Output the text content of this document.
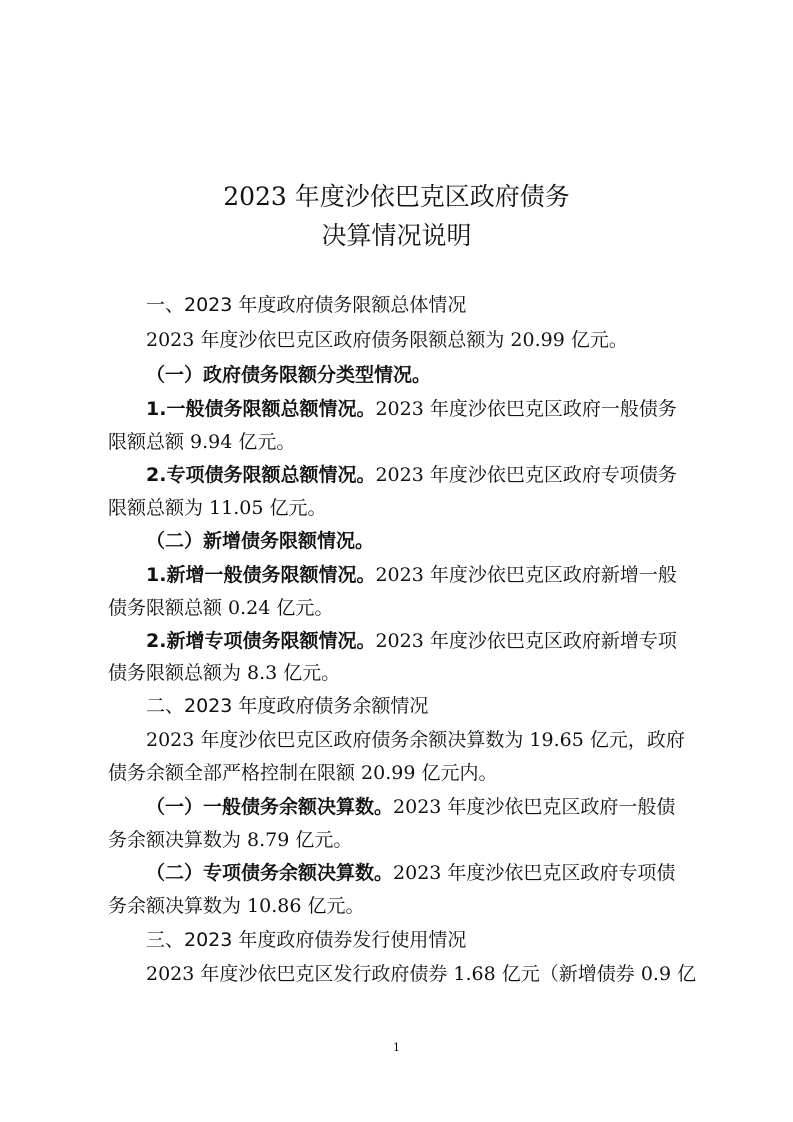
2023 年度沙依巴克区政府债务
决算情况说明
一、2023 年度政府债务限额总体情况
2023 年度沙依巴克区政府债务限额总额为 20.99 亿元。
（一）政府债务限额分类型情况。
1.一般债务限额总额情况。2023 年度沙依巴克区政府一般债务
限额总额 9.94 亿元。
2.专项债务限额总额情况。2023 年度沙依巴克区政府专项债务
限额总额为 11.05 亿元。
（二）新增债务限额情况。
1.新增一般债务限额情况。2023 年度沙依巴克区政府新增一般
债务限额总额 0.24 亿元。
2.新增专项债务限额情况。2023 年度沙依巴克区政府新增专项
债务限额总额为 8.3 亿元。
二、2023 年度政府债务余额情况
2023 年度沙依巴克区政府债务余额决算数为 19.65 亿元，政府
债务余额全部严格控制在限额 20.99 亿元内。
（一）一般债务余额决算数。2023 年度沙依巴克区政府一般债
务余额决算数为 8.79 亿元。
（二）专项债务余额决算数。2023 年度沙依巴克区政府专项债
务余额决算数为 10.86 亿元。
三、2023 年度政府债券发行使用情况
2023 年度沙依巴克区发行政府债券 1.68 亿元（新增债券 0.9 亿
1
